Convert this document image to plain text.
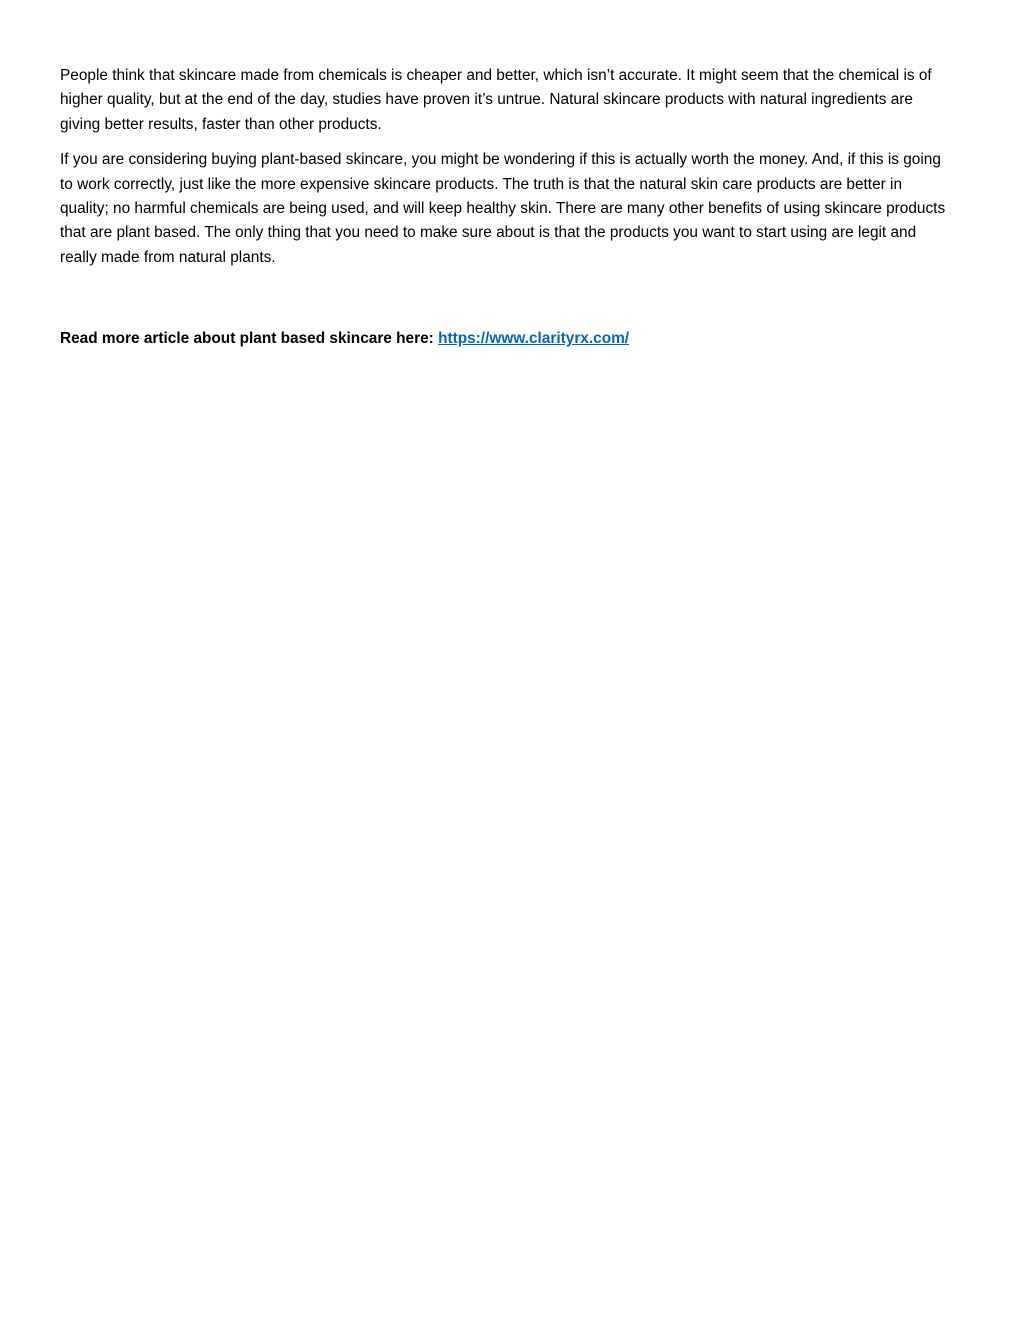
People think that skincare made from chemicals is cheaper and better, which isn’t accurate. It might seem that the chemical is of higher quality, but at the end of the day, studies have proven it’s untrue. Natural skincare products with natural ingredients are giving better results, faster than other products.

If you are considering buying plant-based skincare, you might be wondering if this is actually worth the money. And, if this is going to work correctly, just like the more expensive skincare products. The truth is that the natural skin care products are better in quality; no harmful chemicals are being used, and will keep healthy skin. There are many other benefits of using skincare products that are plant based. The only thing that you need to make sure about is that the products you want to start using are legit and really made from natural plants.

Read more article about plant based skincare here: https://www.clarityrx.com/
